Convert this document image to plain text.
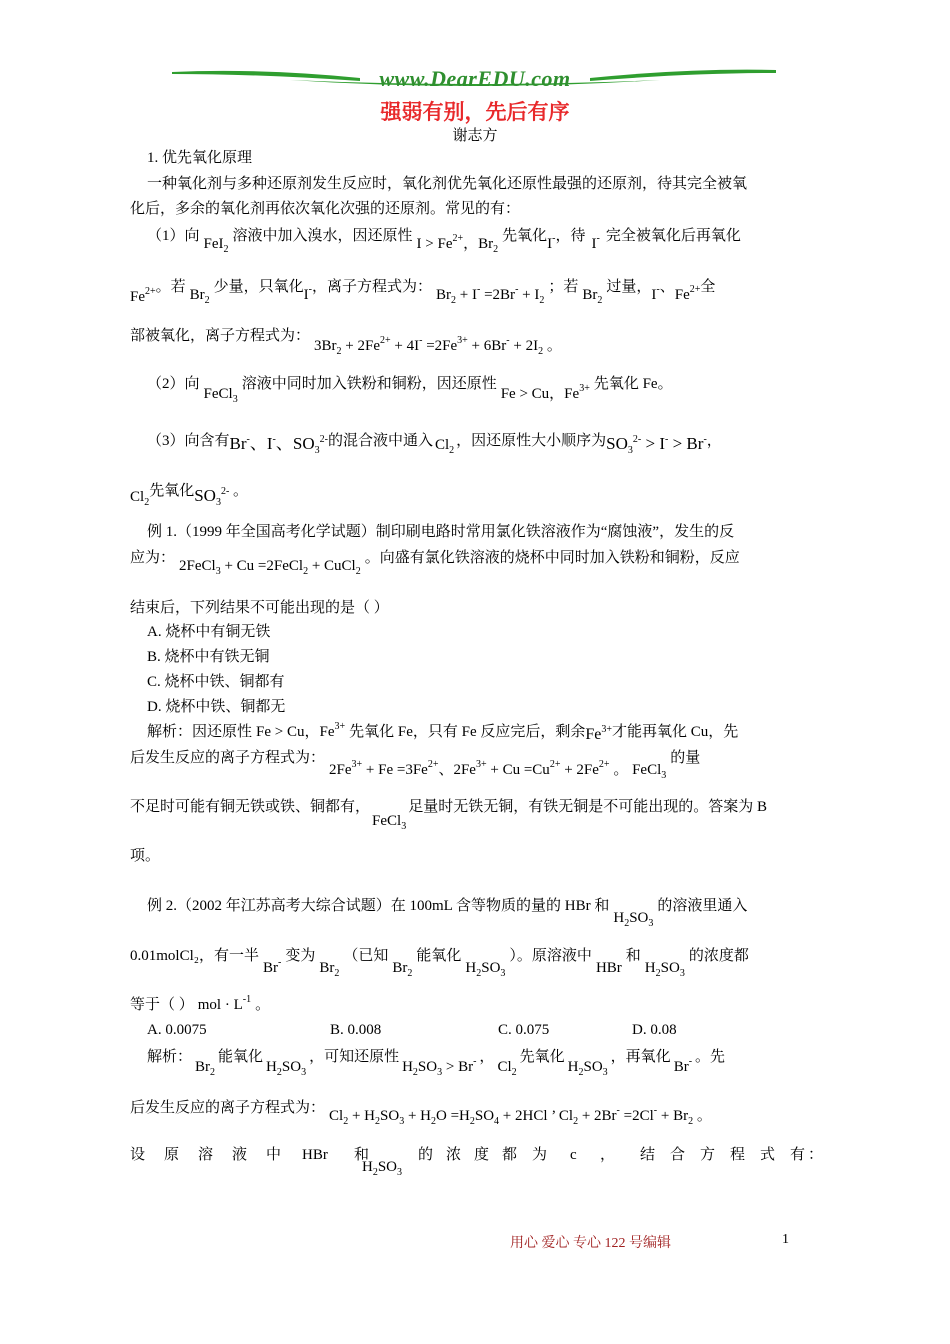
www.DearEDU.com
强弱有别，先后有序
谢志方
1. 优先氧化原理
一种氧化剂与多种还原剂发生反应时，氧化剂优先氧化还原性最强的还原剂，待其完全被氧
化后，多余的氧化剂再依次氧化次强的还原剂。常见的有：
（1）向 FeI$_2$溶液中加入溴水，因还原性 $I > Fe^{2+}$，$Br_2$先氧化I-，待 I- 完全被氧化后再氧化
$Fe^{2+}$。若 $Br_2$少量，只氧化I-，离子方程式为： $Br_2 + I^- =2Br^- + I_2$；若 $Br_2$过量，I-、$Fe^{2+}$全
部被氧化，离子方程式为：$3Br_2 + 2Fe^{2+} + 4I^- =2Fe^{3+} + 6Br^- + 2I_2$ 。
（2）向FeCl$_3$溶液中同时加入铁粉和铜粉，因还原性Fe > Cu，$Fe^{3+}$ 先氧化 Fe。
（3）向含有Br-、I-、$SO_3^{2-}$的混合液中通入 $Cl_2$，因还原性大小顺序为$SO_3^{2-} > I^- > Br^-$，
$Cl_2$先氧化$SO_3^{2-}$ 。
例 1.（1999 年全国高考化学试题）制印刷电路时常用氯化铁溶液作为“腐蚀液”，发生的反
应为： 2FeCl$_3$ + Cu =2FeCl$_2$ + CuCl$_2$。向盛有氯化铁溶液的烧杯中同时加入铁粉和铜粉，反应
结束后，下列结果不可能出现的是（ ）
A. 烧杯中有铜无铁
B. 烧杯中有铁无铜
C. 烧杯中铁、铜都有
D. 烧杯中铁、铜都无
解析：因还原性 Fe > Cu，$Fe^{3+}$ 先氧化 Fe，只有 Fe 反应完后，剩余$Fe^{3+}$才能再氧化 Cu，先
后发生反应的离子方程式为：$2Fe^{3+} + Fe =3Fe^{2+}$、$2Fe^{3+} + Cu =Cu^{2+} + 2Fe^{2+}$ 。 FeCl$_3$的量
不足时可能有铜无铁或铁、铜都有，FeCl$_3$足量时无铁无铜，有铁无铜是不可能出现的。答案为 B
项。
例 2.（2002 年江苏高考大综合试题）在 100mL 含等物质的量的 HBr 和$H_2SO_3$的溶液里通入
0.01molCl₂，有一半Br- 变为$Br_2$（已知$Br_2$能氧化$H_2SO_3$）。原溶液中HBr和$H_2SO_3$的浓度都
等于（ ） mol · $L^{-1}$ 。
A. 0.0075	B. 0.008	C. 0.075	D. 0.08
解析：$Br_2$能氧化$H_2SO_3$，可知还原性$H_2SO_3 > Br^-$ ，$Cl_2$先氧化$H_2SO_3$，再氧化Br- 。先
后发生反应的离子方程式为： $Cl_2 + H_2SO_3 + H_2O =H_2SO_4 + 2HCl$ ’ $Cl_2 + 2Br^- =2Cl^- + Br_2$ 。
设 原 溶 液 中 HBr 和
$H_2SO_3$
的 浓 度 都 为 c ， 结 合 方 程 式 有 ：
用心 爱心 专心 122 号编辑	1
